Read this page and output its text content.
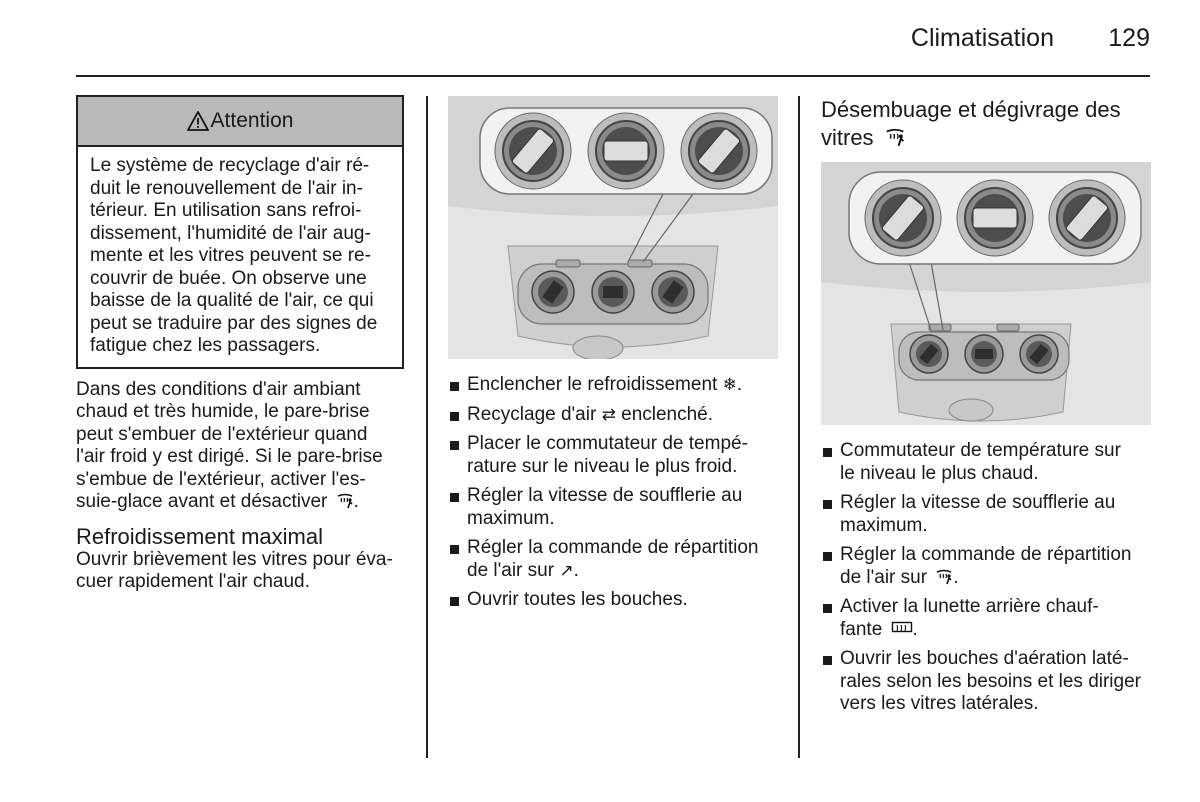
Climatisation 129
Attention
Le système de recyclage d'air ré-
duit le renouvellement de l'air in-
térieur. En utilisation sans refroi-
dissement, l'humidité de l'air aug-
mente et les vitres peuvent se re-
couvrir de buée. On observe une
baisse de la qualité de l'air, ce qui
peut se traduire par des signes de
fatigue chez les passagers.
Dans des conditions d'air ambiant
chaud et très humide, le pare-brise
peut s'embuer de l'extérieur quand
l'air froid y est dirigé. Si le pare-brise
s'embue de l'extérieur, activer l'es-
suie-glace avant et désactiver .
Refroidissement maximal
Ouvrir brièvement les vitres pour éva-
cuer rapidement l'air chaud.
Enclencher le refroidissement ❄.
Recyclage d'air ⇄ enclenché.
Placer le commutateur de tempé-
rature sur le niveau le plus froid.
Régler la vitesse de soufflerie au
maximum.
Régler la commande de répartition
de l'air sur ↗.
Ouvrir toutes les bouches.
Désembuage et dégivrage des
vitres
Commutateur de température sur
le niveau le plus chaud.
Régler la vitesse de soufflerie au
maximum.
Régler la commande de répartition
de l'air sur .
Activer la lunette arrière chauf-
fante .
Ouvrir les bouches d'aération laté-
rales selon les besoins et les diriger
vers les vitres latérales.
